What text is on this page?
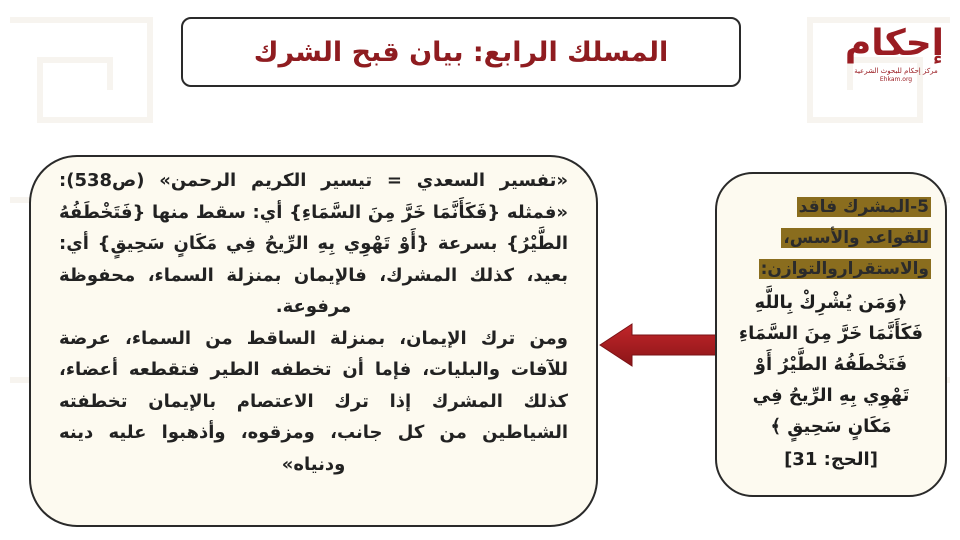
المسلك الرابع: بيان قبح الشرك	إحكام

مركز إحكام للبحوث الشرعية

Ehkam.org

«تفسير السعدي = تيسير الكريم الرحمن» (ص538): «فمثله {فَكَأَنَّمَا خَرَّ مِنَ السَّمَاءِ} أي: سقط منها {فَتَخْطَفُهُ الطَّيْرُ} بسرعة {أَوْ تَهْوِي بِهِ الرِّيحُ فِي مَكَانٍ سَحِيقٍ} أي: بعيد، كذلك المشرك، فالإيمان بمنزلة السماء، محفوظة مرفوعة.

ومن ترك الإيمان، بمنزلة الساقط من السماء، عرضة للآفات والبليات، فإما أن تخطفه الطير فتقطعه أعضاء، كذلك المشرك إذا ترك الاعتصام بالإيمان تخطفته الشياطين من كل جانب، ومزقوه، وأذهبوا عليه دينه ودنياه»

5-المشرك فاقد للقواعد والأسس، والاستقراروالتوازن:

﴿وَمَن يُشْرِكْ بِاللَّهِ فَكَأَنَّمَا خَرَّ مِنَ السَّمَاءِ فَتَخْطَفُهُ الطَّيْرُ أَوْ تَهْوِي بِهِ الرِّيحُ فِي مَكَانٍ سَحِيقٍ ﴾

[الحج: 31]
